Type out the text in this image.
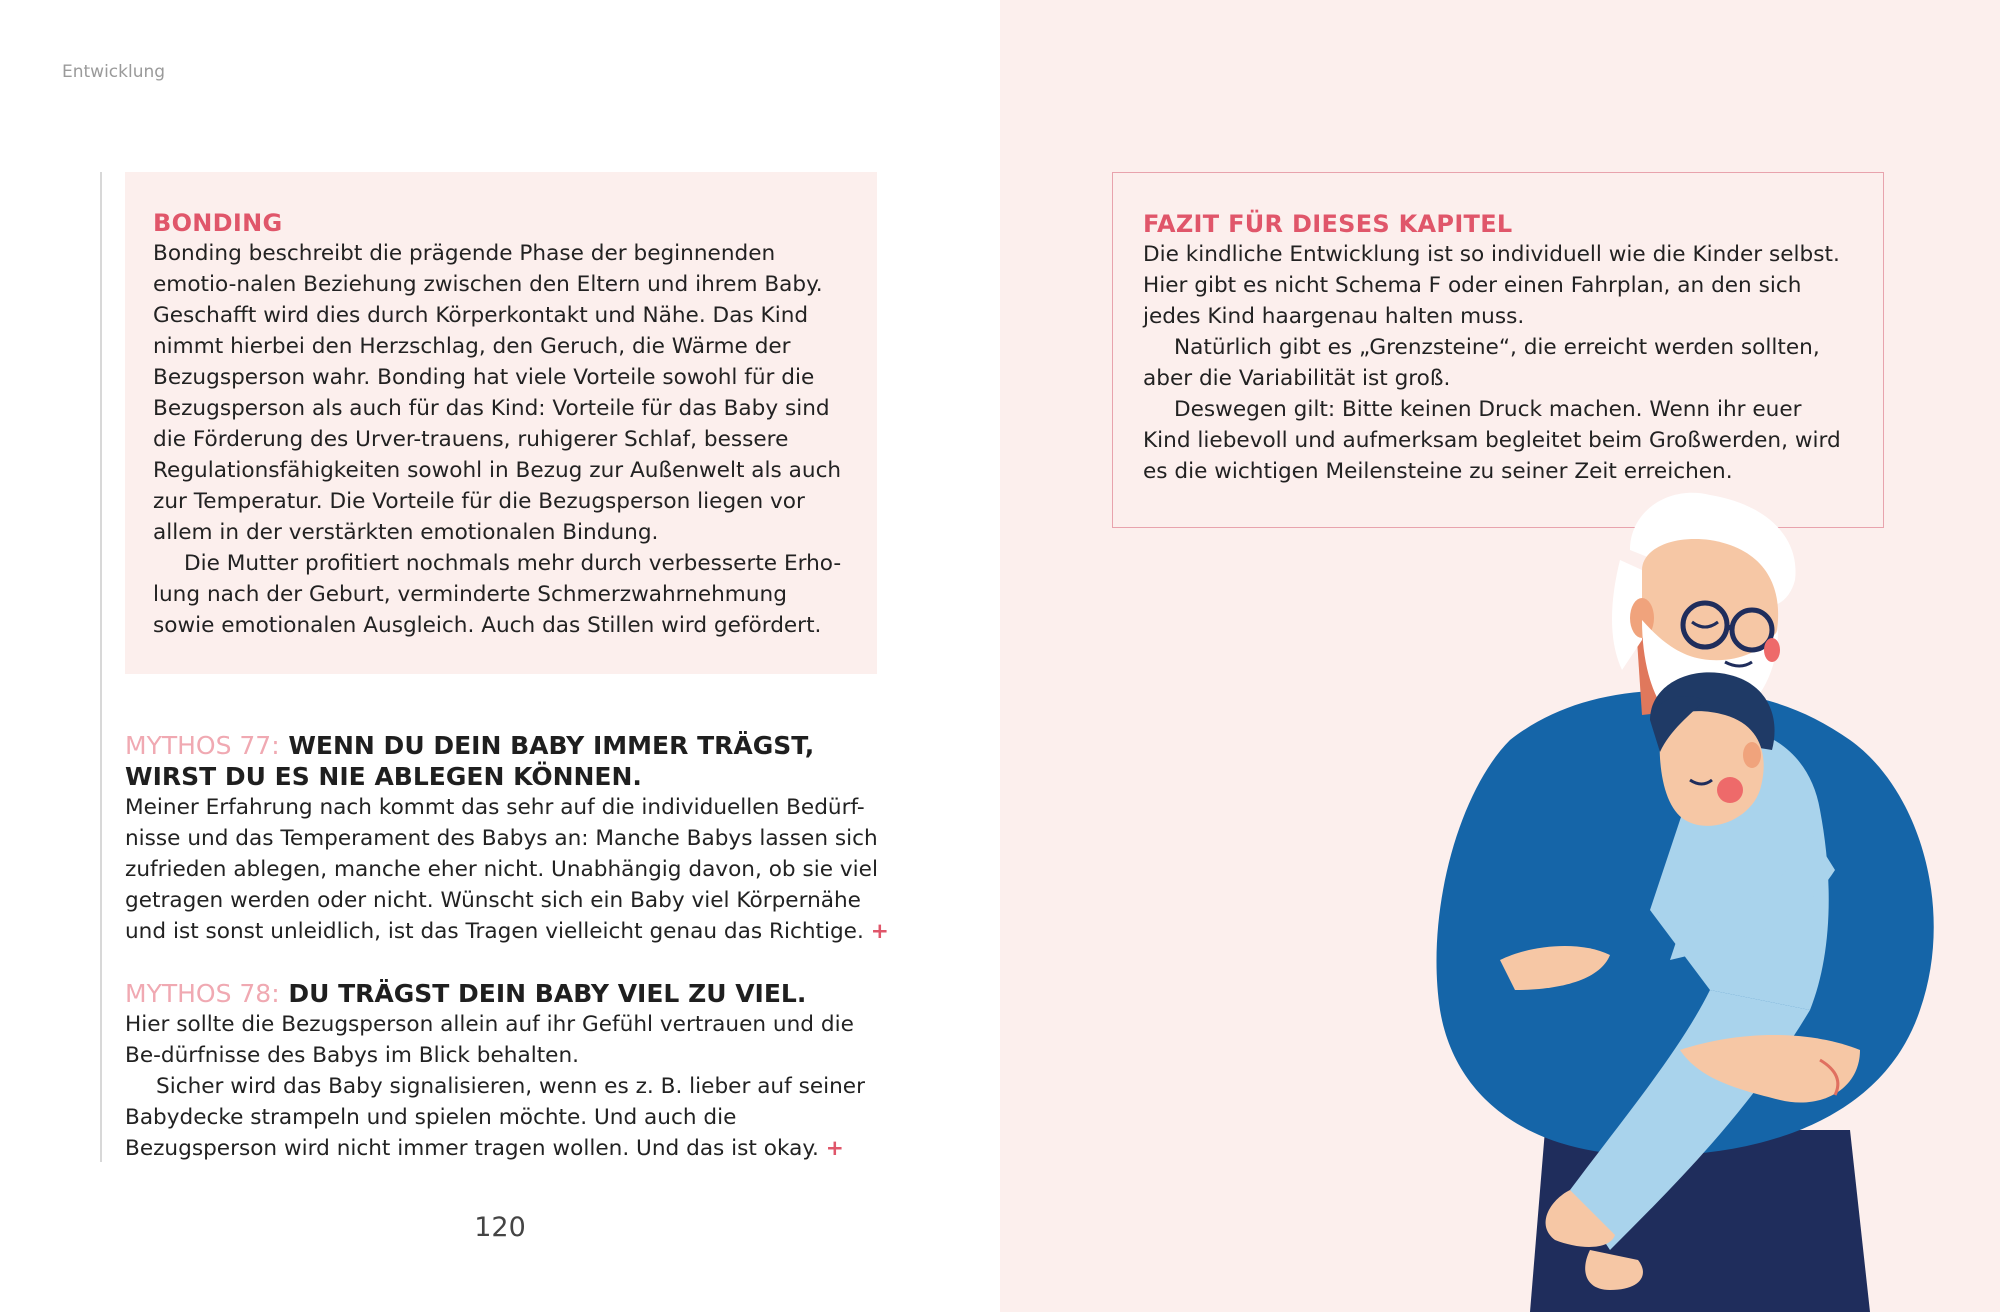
Entwicklung
BONDING

Bonding beschreibt die prägende Phase der beginnenden emotio-nalen Beziehung zwischen den Eltern und ihrem Baby. Geschafft wird dies durch Körperkontakt und Nähe. Das Kind nimmt hierbei den Herzschlag, den Geruch, die Wärme der Bezugsperson wahr. Bonding hat viele Vorteile sowohl für die Bezugsperson als auch für das Kind: Vorteile für das Baby sind die Förderung des Urver-trauens, ruhigerer Schlaf, bessere Regulationsfähigkeiten sowohl in Bezug zur Außenwelt als auch zur Temperatur. Die Vorteile für die Bezugsperson liegen vor allem in der verstärkten emotionalen Bindung.

Die Mutter profitiert nochmals mehr durch verbesserte Erho-lung nach der Geburt, verminderte Schmerzwahrnehmung sowie emotionalen Ausgleich. Auch das Stillen wird gefördert.

MYTHOS 77: WENN DU DEIN BABY IMMER TRÄGST, WIRST DU ES NIE ABLEGEN KÖNNEN.

Meiner Erfahrung nach kommt das sehr auf die individuellen Bedürf-nisse und das Temperament des Babys an: Manche Babys lassen sich zufrieden ablegen, manche eher nicht. Unabhängig davon, ob sie viel getragen werden oder nicht. Wünscht sich ein Baby viel Körpernähe und ist sonst unleidlich, ist das Tragen vielleicht genau das Richtige. +

MYTHOS 78: DU TRÄGST DEIN BABY VIEL ZU VIEL.

Hier sollte die Bezugsperson allein auf ihr Gefühl vertrauen und die Be-dürfnisse des Babys im Blick behalten.

Sicher wird das Baby signalisieren, wenn es z. B. lieber auf seiner Babydecke strampeln und spielen möchte. Und auch die Bezugsperson wird nicht immer tragen wollen. Und das ist okay. +

120
FAZIT FÜR DIESES KAPITEL

Die kindliche Entwicklung ist so individuell wie die Kinder selbst. Hier gibt es nicht Schema F oder einen Fahrplan, an den sich jedes Kind haargenau halten muss.

Natürlich gibt es „Grenzsteine“, die erreicht werden sollten, aber die Variabilität ist groß.

Deswegen gilt: Bitte keinen Druck machen. Wenn ihr euer Kind liebevoll und aufmerksam begleitet beim Großwerden, wird es die wichtigen Meilensteine zu seiner Zeit erreichen.
